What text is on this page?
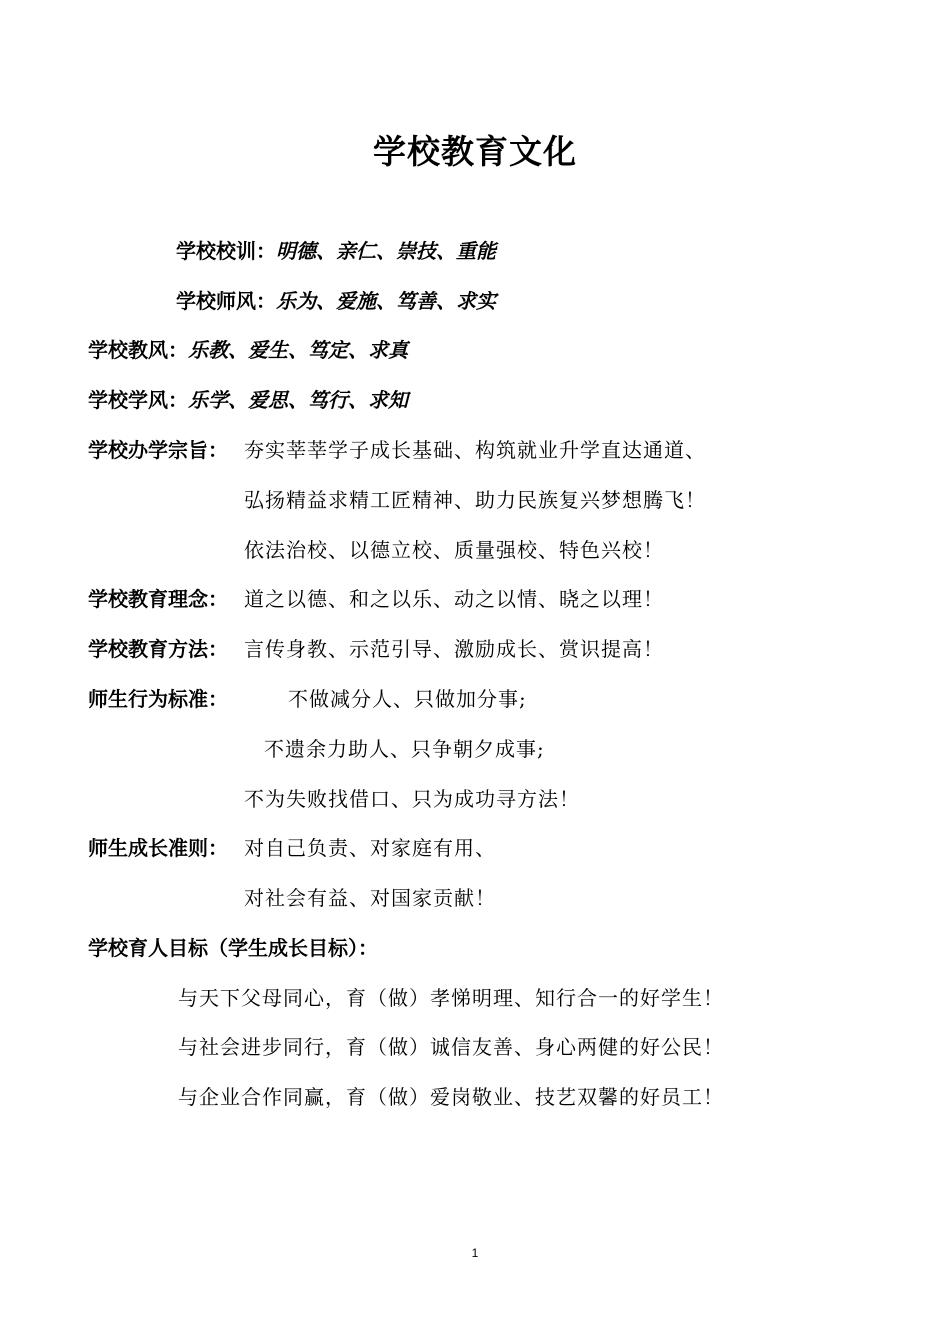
学校教育文化
学校校训：明德、亲仁、崇技、重能
学校师风：乐为、爱施、笃善、求实
学校教风：乐教、爱生、笃定、求真
学校学风：乐学、爱思、笃行、求知
学校办学宗旨： 夯实莘莘学子成长基础、构筑就业升学直达通道、
弘扬精益求精工匠精神、助力民族复兴梦想腾飞！
依法治校、以德立校、质量强校、特色兴校！
学校教育理念： 道之以德、和之以乐、动之以情、晓之以理！
学校教育方法： 言传身教、示范引导、激励成长、赏识提高！
师生行为标准：	不做减分人、只做加分事;
不遗余力助人、只争朝夕成事;
不为失败找借口、只为成功寻方法！
师生成长准则： 对自己负责、对家庭有用、
对社会有益、对国家贡献！
学校育人目标（学生成长目标）：
与天下父母同心，育（做）孝悌明理、知行合一的好学生！
与社会进步同行，育（做）诚信友善、身心两健的好公民！
与企业合作同赢，育（做）爱岗敬业、技艺双馨的好员工！
1
